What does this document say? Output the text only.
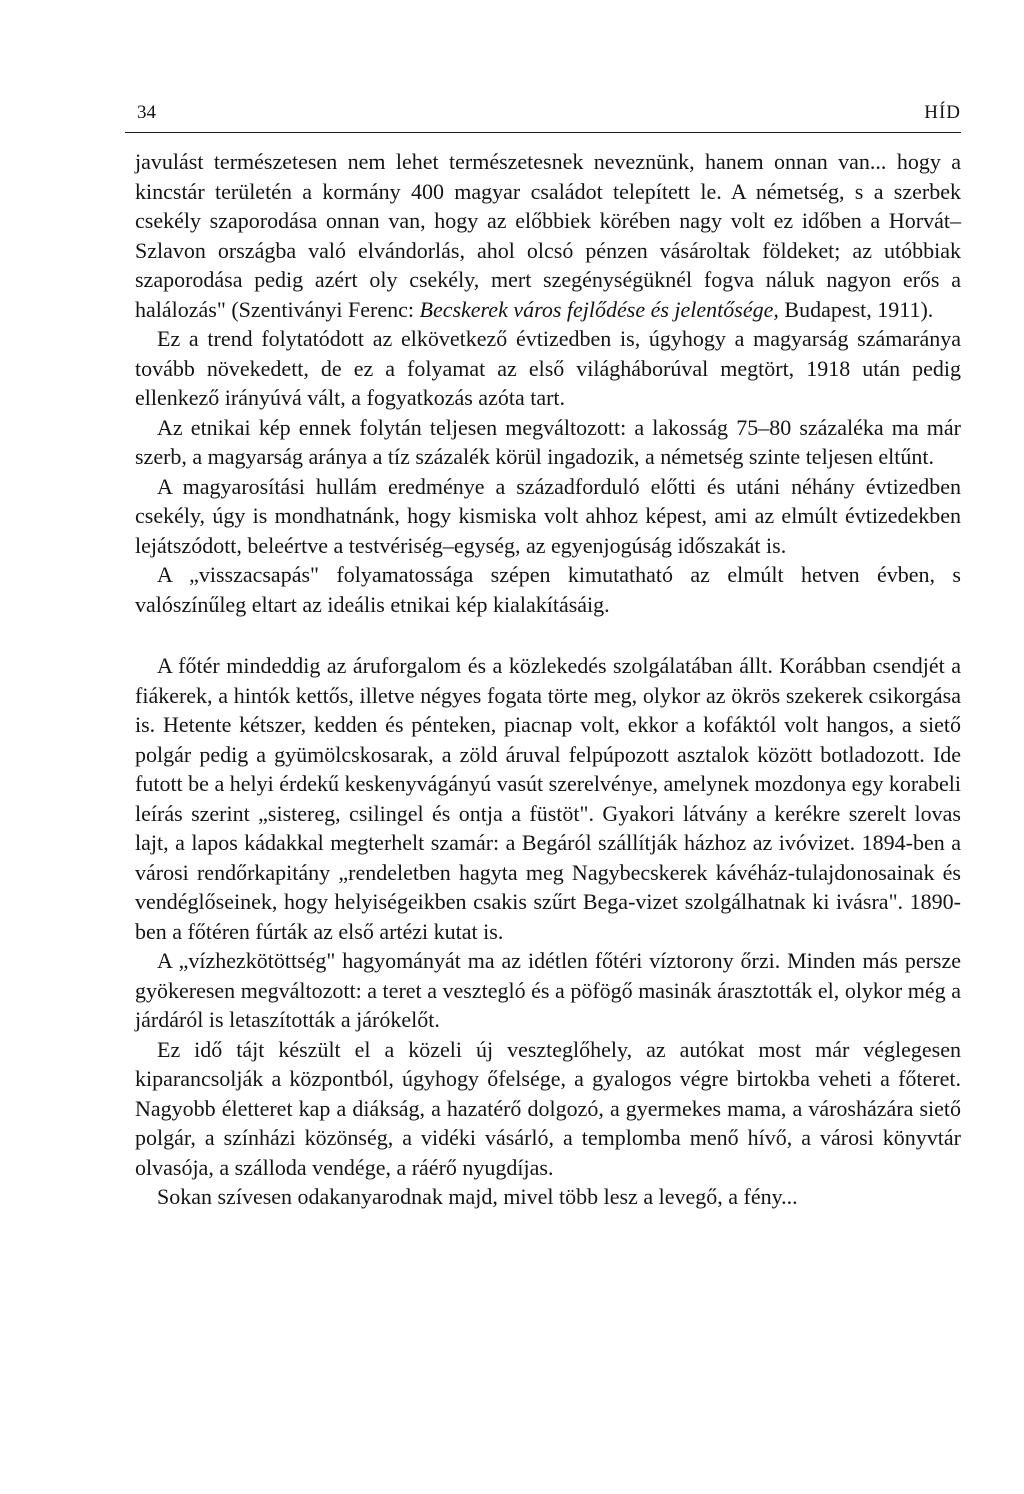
34	HÍD

javulást természetesen nem lehet természetesnek neveznünk, hanem onnan van... hogy a kincstár területén a kormány 400 magyar családot telepített le. A németség, s a szerbek csekély szaporodása onnan van, hogy az előbbiek körében nagy volt ez időben a Horvát–Szlavon országba való elvándorlás, ahol olcsó pénzen vásároltak földeket; az utóbbiak szaporodása pedig azért oly csekély, mert szegénységüknél fogva náluk nagyon erős a halálozás" (Szentiványi Ferenc: Becskerek város fejlődése és jelentősége, Budapest, 1911).

Ez a trend folytatódott az elkövetkező évtizedben is, úgyhogy a magyarság számaránya tovább növekedett, de ez a folyamat az első világháborúval megtört, 1918 után pedig ellenkező irányúvá vált, a fogyatkozás azóta tart.

Az etnikai kép ennek folytán teljesen megváltozott: a lakosság 75–80 százaléka ma már szerb, a magyarság aránya a tíz százalék körül ingadozik, a németség szinte teljesen eltűnt.

A magyarosítási hullám eredménye a századforduló előtti és utáni néhány évtizedben csekély, úgy is mondhatnánk, hogy kismiska volt ahhoz képest, ami az elmúlt évtizedekben lejátszódott, beleértve a testvériség–egység, az egyenjogúság időszakát is.

A „visszacsapás" folyamatossága szépen kimutatható az elmúlt hetven évben, s valószínűleg eltart az ideális etnikai kép kialakításáig.

A főtér mindeddig az áruforgalom és a közlekedés szolgálatában állt. Korábban csendjét a fiákerek, a hintók kettős, illetve négyes fogata törte meg, olykor az ökrös szekerek csikorgása is. Hetente kétszer, kedden és pénteken, piacnap volt, ekkor a kofáktól volt hangos, a siető polgár pedig a gyümölcskosarak, a zöld áruval felpúpozott asztalok között botladozott. Ide futott be a helyi érdekű keskenyvágányú vasút szerelvénye, amelynek mozdonya egy korabeli leírás szerint „sistereg, csilingel és ontja a füstöt". Gyakori látvány a kerékre szerelt lovas lajt, a lapos kádakkal megterhelt szamár: a Begáról szállítják házhoz az ivóvizet. 1894-ben a városi rendőrkapitány „rendeletben hagyta meg Nagybecskerek kávéház-tulajdonosainak és vendéglőseinek, hogy helyiségeikben csakis szűrt Bega-vizet szolgálhatnak ki ivásra". 1890-ben a főtéren fúrták az első artézi kutat is.

A „vízhezkötöttség" hagyományát ma az idétlen főtéri víztorony őrzi. Minden más persze gyökeresen megváltozott: a teret a vesztegló és a pöfögő masinák árasztották el, olykor még a járdáról is letaszították a járókelőt.

Ez idő tájt készült el a közeli új veszteglőhely, az autókat most már véglegesen kiparancsolják a központból, úgyhogy őfelsége, a gyalogos végre birtokba veheti a főteret. Nagyobb életteret kap a diákság, a hazatérő dolgozó, a gyermekes mama, a városházára siető polgár, a színházi közönség, a vidéki vásárló, a templomba menő hívő, a városi könyvtár olvasója, a szálloda vendége, a ráérő nyugdíjas.

Sokan szívesen odakanyarodnak majd, mivel több lesz a levegő, a fény...
